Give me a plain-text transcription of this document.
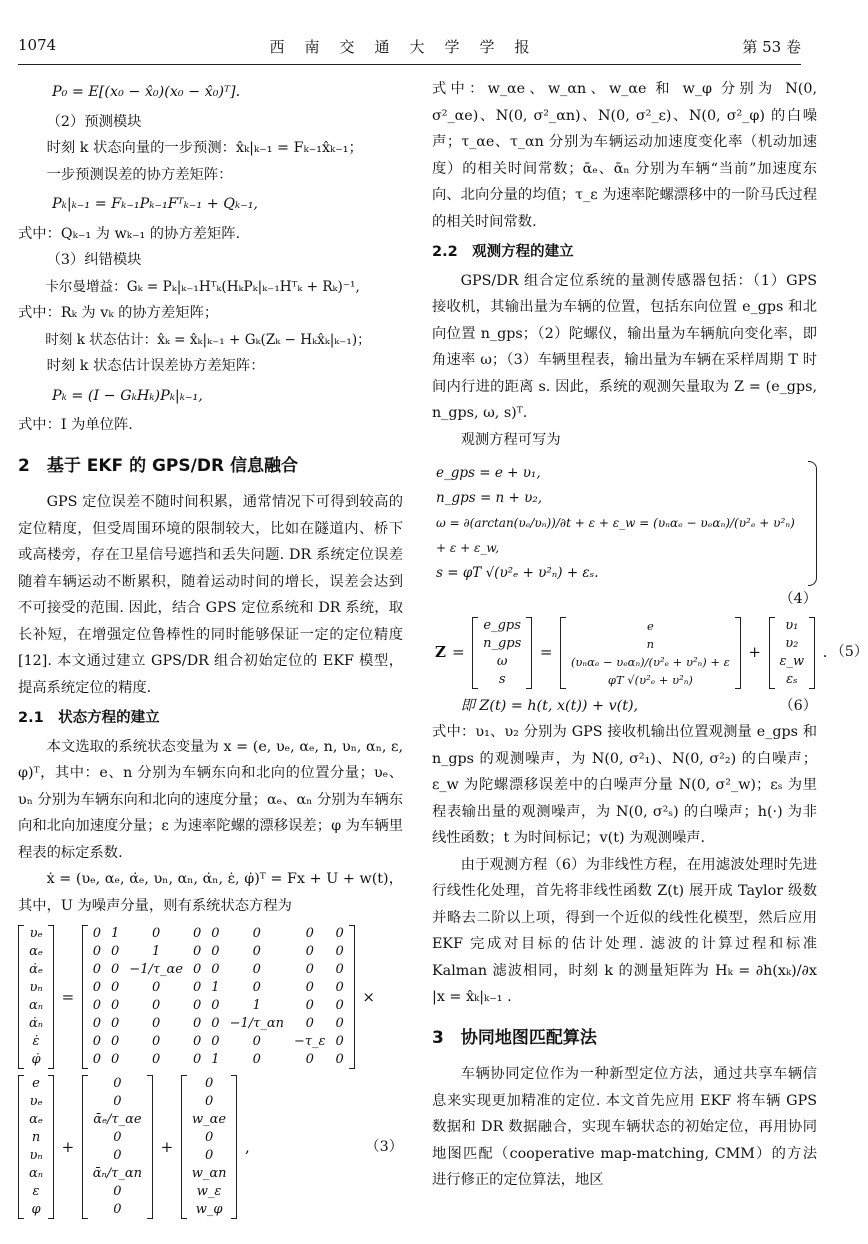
1074	西南交通大学学报	第 53 卷
P₀ = E[(x₀ − x̂₀)(x₀ − x̂₀)ᵀ].
（2）预测模块
时刻 k 状态向量的一步预测：x̂ₖ|ₖ₋₁ = Fₖ₋₁x̂ₖ₋₁；
一步预测误差的协方差矩阵：
Pₖ|ₖ₋₁ = Fₖ₋₁Pₖ₋₁Fᵀₖ₋₁ + Qₖ₋₁,
式中：Qₖ₋₁ 为 wₖ₋₁ 的协方差矩阵.
（3）纠错模块
卡尔曼增益：Gₖ = Pₖ|ₖ₋₁Hᵀₖ(HₖPₖ|ₖ₋₁Hᵀₖ + Rₖ)⁻¹,
式中：Rₖ 为 vₖ 的协方差矩阵；
时刻 k 状态估计：x̂ₖ = x̂ₖ|ₖ₋₁ + Gₖ(Zₖ − Hₖx̂ₖ|ₖ₋₁)；
时刻 k 状态估计误差协方差矩阵：
Pₖ = (I − GₖHₖ)Pₖ|ₖ₋₁,
式中：I 为单位阵.
2　基于 EKF 的 GPS/DR 信息融合

GPS 定位误差不随时间积累，通常情况下可得到较高的定位精度，但受周围环境的限制较大，比如在隧道内、桥下或高楼旁，存在卫星信号遮挡和丢失问题. DR 系统定位误差随着车辆运动不断累积，随着运动时间的增长，误差会达到不可接受的范围. 因此，结合 GPS 定位系统和 DR 系统，取长补短，在增强定位鲁棒性的同时能够保证一定的定位精度[12]. 本文通过建立 GPS/DR 组合初始定位的 EKF 模型，提高系统定位的精度.

2.1　状态方程的建立

本文选取的系统状态变量为 x = (e, υₑ, αₑ, n, υₙ, αₙ, ε, φ)ᵀ，其中：e、n 分别为车辆东向和北向的位置分量；υₑ、υₙ 分别为车辆东向和北向的速度分量；αₑ、αₙ 分别为车辆东向和北向加速度分量；ε 为速率陀螺的漂移误差；φ 为车辆里程表的标定系数.

ẋ = (υₑ, αₑ, α̇ₑ, υₙ, αₙ, α̇ₙ, ε̇, φ̇)ᵀ = Fx + U + w(t)，其中，U 为噪声分量，则有系统状态方程为

υₑ
αₑ
α̇ₑ
υₙ
αₙ
α̇ₙ
ε̇
φ̇
=
0	1	0	0	0	0	0	0
0	0	1	0	0	0	0	0
0	0	−1/τ_αe	0	0	0	0	0
0	0	0	0	1	0	0	0
0	0	0	0	0	1	0	0
0	0	0	0	0	−1/τ_αn	0	0
0	0	0	0	0	0	−τ_ε	0
0	0	0	0	1	0	0	0
×
e
υₑ
αₑ
n
υₙ
αₙ
ε
φ
+
0
0
ᾱₑ/τ_αe
0
0
ᾱₙ/τ_αn
0
0
+
0
0
w_αe
0
0
w_αn
w_ε
w_φ
,	（3）

式中：w_αe、w_αn、w_αe 和 w_φ 分别为 N(0, σ²_αe)、N(0, σ²_αn)、N(0, σ²_ε)、N(0, σ²_φ) 的白噪声；τ_αe、τ_αn 分别为车辆运动加速度变化率（机动加速度）的相关时间常数；ᾱₑ、ᾱₙ 分别为车辆“当前”加速度东向、北向分量的均值；τ_ε 为速率陀螺漂移中的一阶马氏过程的相关时间常数.

2.2　观测方程的建立

GPS/DR 组合定位系统的量测传感器包括：（1）GPS 接收机，其输出量为车辆的位置，包括东向位置 e_gps 和北向位置 n_gps；（2）陀螺仪，输出量为车辆航向变化率，即角速率 ω；（3）车辆里程表，输出量为车辆在采样周期 T 时间内行进的距离 s. 因此，系统的观测矢量取为 Z = (e_gps, n_gps, ω, s)ᵀ.

观测方程可写为

e_gps = e + υ₁,
n_gps = n + υ₂,
ω = ∂(arctan(υₑ/υₙ))/∂t + ε + ε_w = (υₙαₑ − υₑαₙ)/(υ²ₑ + υ²ₙ) + ε + ε_w,
s = φT √(υ²ₑ + υ²ₙ) + εₛ.
（4）
Z =
e_gps
n_gps
ω
s
=
e
n
(υₙαₑ − υₑαₙ)/(υ²ₑ + υ²ₙ) + ε
φT √(υ²ₑ + υ²ₙ)
+
υ₁
υ₂
ε_w
εₛ
. （5）
即 Z(t) = h(t, x(t)) + v(t),	（6）

式中：υ₁、υ₂ 分别为 GPS 接收机输出位置观测量 e_gps 和 n_gps 的观测噪声，为 N(0, σ²₁)、N(0, σ²₂) 的白噪声；ε_w 为陀螺漂移误差中的白噪声分量 N(0, σ²_w)；εₛ 为里程表输出量的观测噪声，为 N(0, σ²ₛ) 的白噪声；h(·) 为非线性函数；t 为时间标记；v(t) 为观测噪声.

由于观测方程（6）为非线性方程，在用滤波处理时先进行线性化处理，首先将非线性函数 Z(t) 展开成 Taylor 级数并略去二阶以上项，得到一个近似的线性化模型，然后应用 EKF 完成对目标的估计处理. 滤波的计算过程和标准 Kalman 滤波相同，时刻 k 的测量矩阵为 Hₖ = ∂h(xₖ)/∂x |x = x̂ₖ|ₖ₋₁ .

3　协同地图匹配算法

车辆协同定位作为一种新型定位方法，通过共享车辆信息来实现更加精准的定位. 本文首先应用 EKF 将车辆 GPS 数据和 DR 数据融合，实现车辆状态的初始定位，再用协同地图匹配（cooperative map-matching, CMM）的方法进行修正的定位算法，地区
